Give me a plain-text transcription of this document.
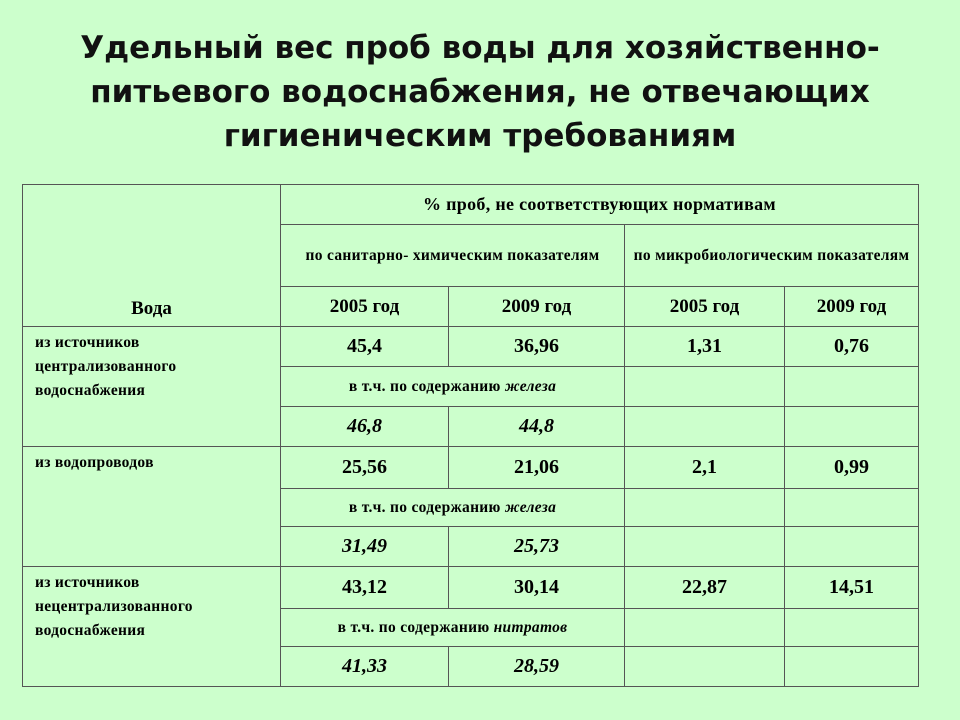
Удельный вес проб воды для хозяйственно-
питьевого водоснабжения, не отвечающих
гигиеническим требованиям
Вода	% проб, не соответствующих нормативам			
	по санитарно- химическим показателям		по микробиологическим показателям	
	2005 год	2009 год	2005 год	2009 год
из источников централизованного водоснабжения	45,4	36,96	1,31	0,76
	в т.ч. по содержанию железа			
	46,8	44,8		
из водопроводов	25,56	21,06	2,1	0,99
	в т.ч. по содержанию железа			
	31,49	25,73		
из источников нецентрализованного водоснабжения	43,12	30,14	22,87	14,51
	в т.ч. по содержанию нитратов			
	41,33	28,59		
